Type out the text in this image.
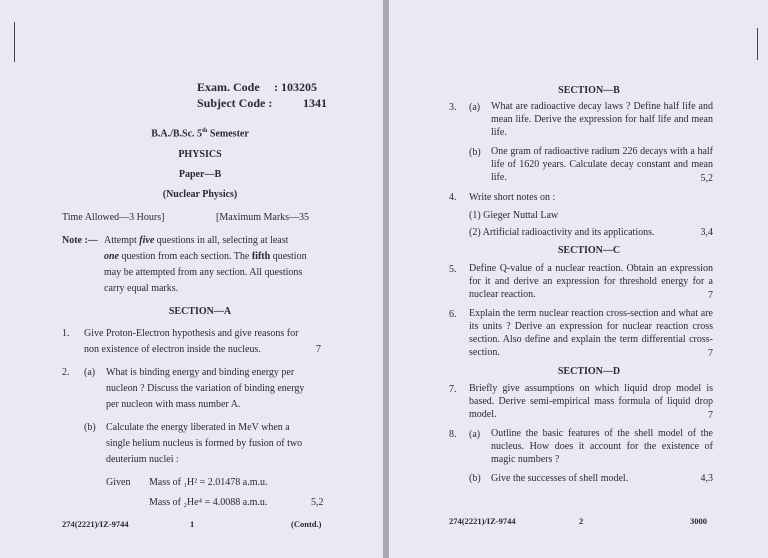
Exam. Code : 103205
Subject Code :	1341
B.A./B.Sc. 5th Semester
PHYSICS
Paper—B
(Nuclear Physics)
Time Allowed—3 Hours]	[Maximum Marks—35
Note :— Attempt five questions in all, selecting at least
one question from each section. The fifth question
may be attempted from any section. All questions
carry equal marks.
SECTION—A
1. Give Proton-Electron hypothesis and give reasons for
non existence of electron inside the nucleus.	7
2. (a) What is binding energy and binding energy per
nucleon ? Discuss the variation of binding energy
per nucleon with mass number A.
(b) Calculate the energy liberated in MeV when a
single helium nucleus is formed by fusion of two
deuterium nuclei :
Given Mass of ₁H² = 2.01478 a.m.u.
Mass of ₂He⁴ = 4.0088 a.m.u.	5,2
274(2221)/IZ-9744	1	(Contd.)
SECTION—B
3. (a) What are radioactive decay laws ? Define half life and mean life. Derive the expression for half life and mean life.
(b) One gram of radioactive radium 226 decays with a half life of 1620 years. Calculate decay constant and mean life.	5,2
4. Write short notes on :
(1) Gieger Nuttal Law
(2) Artificial radioactivity and its applications.	3,4
SECTION—C
5. Define Q-value of a nuclear reaction. Obtain an expression for it and derive an expression for threshold energy for a nuclear reaction.	7
6. Explain the term nuclear reaction cross-section and what are its units ? Derive an expression for nuclear reaction cross section. Also define and explain the term differential cross-section.	7
SECTION—D
7. Briefly give assumptions on which liquid drop model is based. Derive semi-empirical mass formula of liquid drop model.	7
8. (a) Outline the basic features of the shell model of the nucleus. How does it account for the existence of magic numbers ?
(b) Give the successes of shell model.	4,3
274(2221)/IZ-9744	2	3000
